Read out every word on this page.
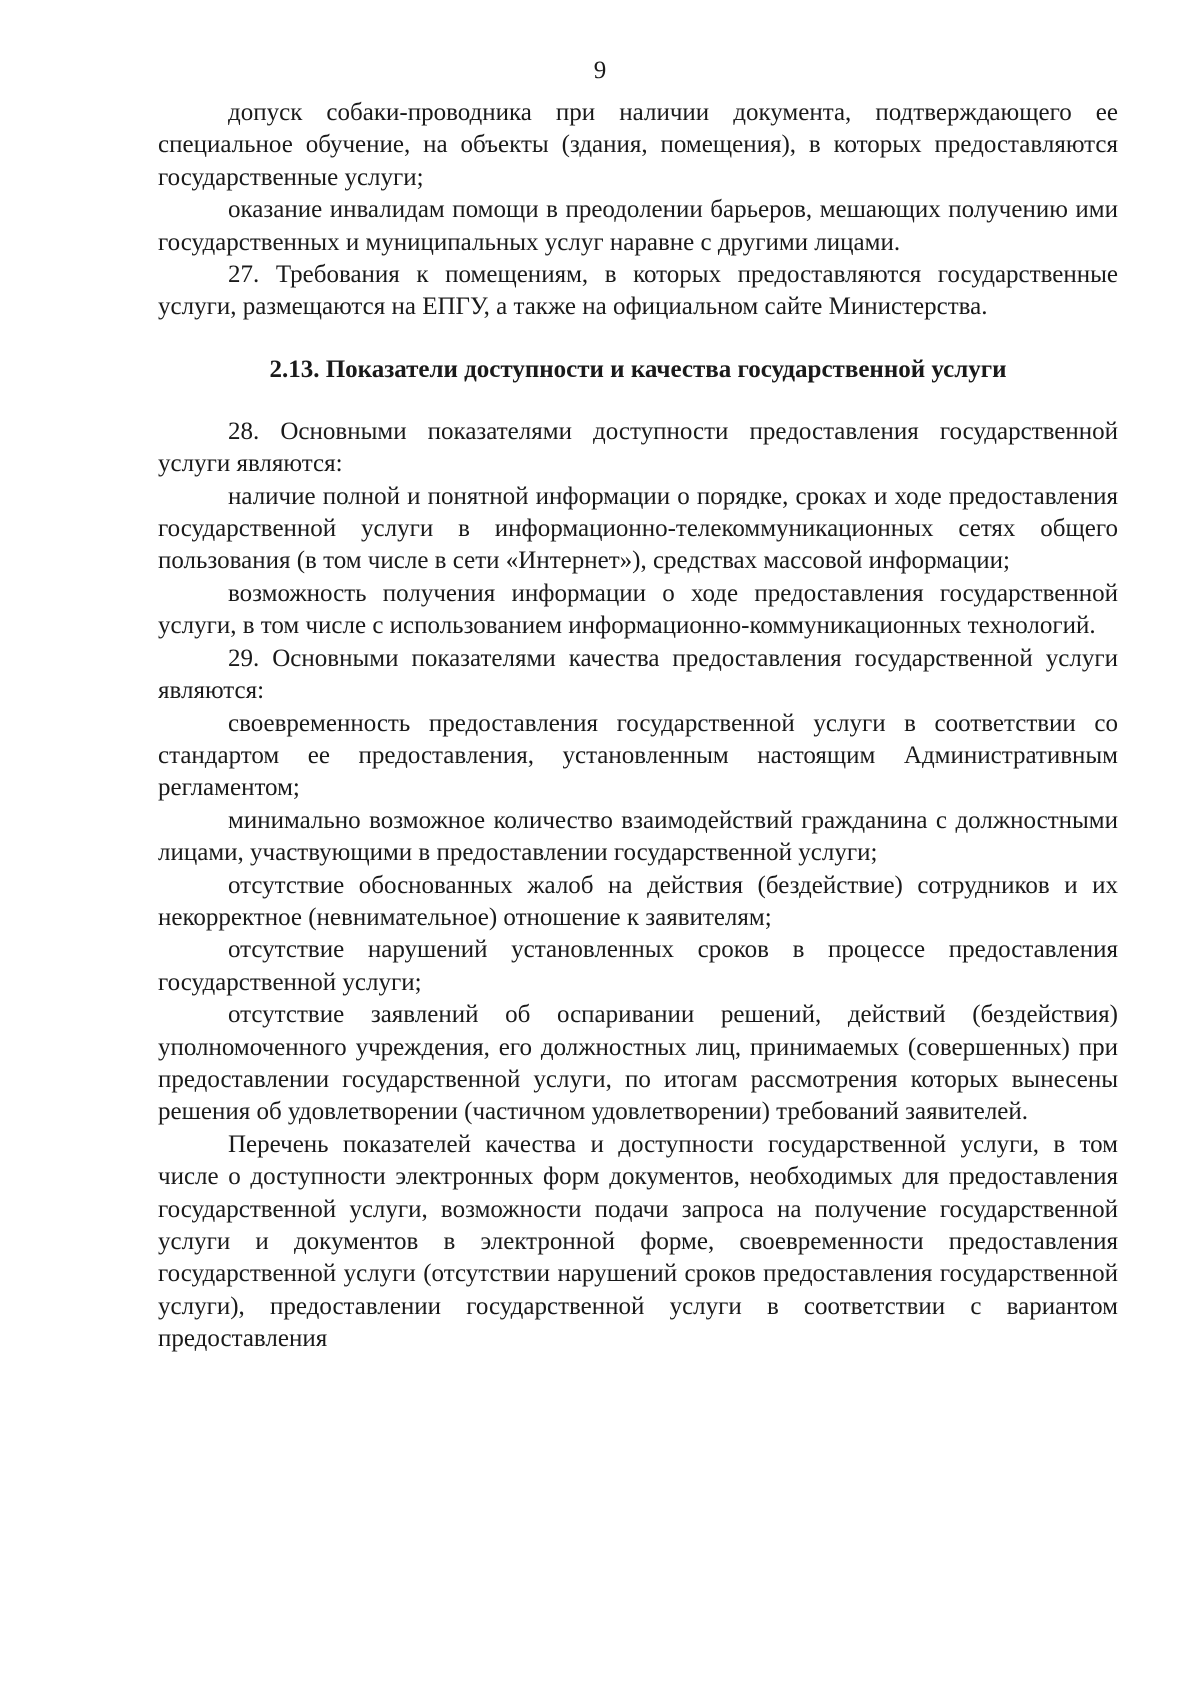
9

допуск собаки-проводника при наличии документа, подтверждающего ее специальное обучение, на объекты (здания, помещения), в которых предоставляются государственные услуги;

оказание инвалидам помощи в преодолении барьеров, мешающих получению ими государственных и муниципальных услуг наравне с другими лицами.

27. Требования к помещениям, в которых предоставляются государственные услуги, размещаются на ЕПГУ, а также на официальном сайте Министерства.

2.13. Показатели доступности и качества государственной услуги

28. Основными показателями доступности предоставления государственной услуги являются:

наличие полной и понятной информации о порядке, сроках и ходе предоставления государственной услуги в информационно-телекоммуникационных сетях общего пользования (в том числе в сети «Интернет»), средствах массовой информации;

возможность получения информации о ходе предоставления государственной услуги, в том числе с использованием информационно-коммуникационных технологий.

29. Основными показателями качества предоставления государственной услуги являются:

своевременность предоставления государственной услуги в соответствии со стандартом ее предоставления, установленным настоящим Административным регламентом;

минимально возможное количество взаимодействий гражданина с должностными лицами, участвующими в предоставлении государственной услуги;

отсутствие обоснованных жалоб на действия (бездействие) сотрудников и их некорректное (невнимательное) отношение к заявителям;

отсутствие нарушений установленных сроков в процессе предоставления государственной услуги;

отсутствие заявлений об оспаривании решений, действий (бездействия) уполномоченного учреждения, его должностных лиц, принимаемых (совершенных) при предоставлении государственной услуги, по итогам рассмотрения которых вынесены решения об удовлетворении (частичном удовлетворении) требований заявителей.

Перечень показателей качества и доступности государственной услуги, в том числе о доступности электронных форм документов, необходимых для предоставления государственной услуги, возможности подачи запроса на получение государственной услуги и документов в электронной форме, своевременности предоставления государственной услуги (отсутствии нарушений сроков предоставления государственной услуги), предоставлении государственной услуги в соответствии с вариантом предоставления
